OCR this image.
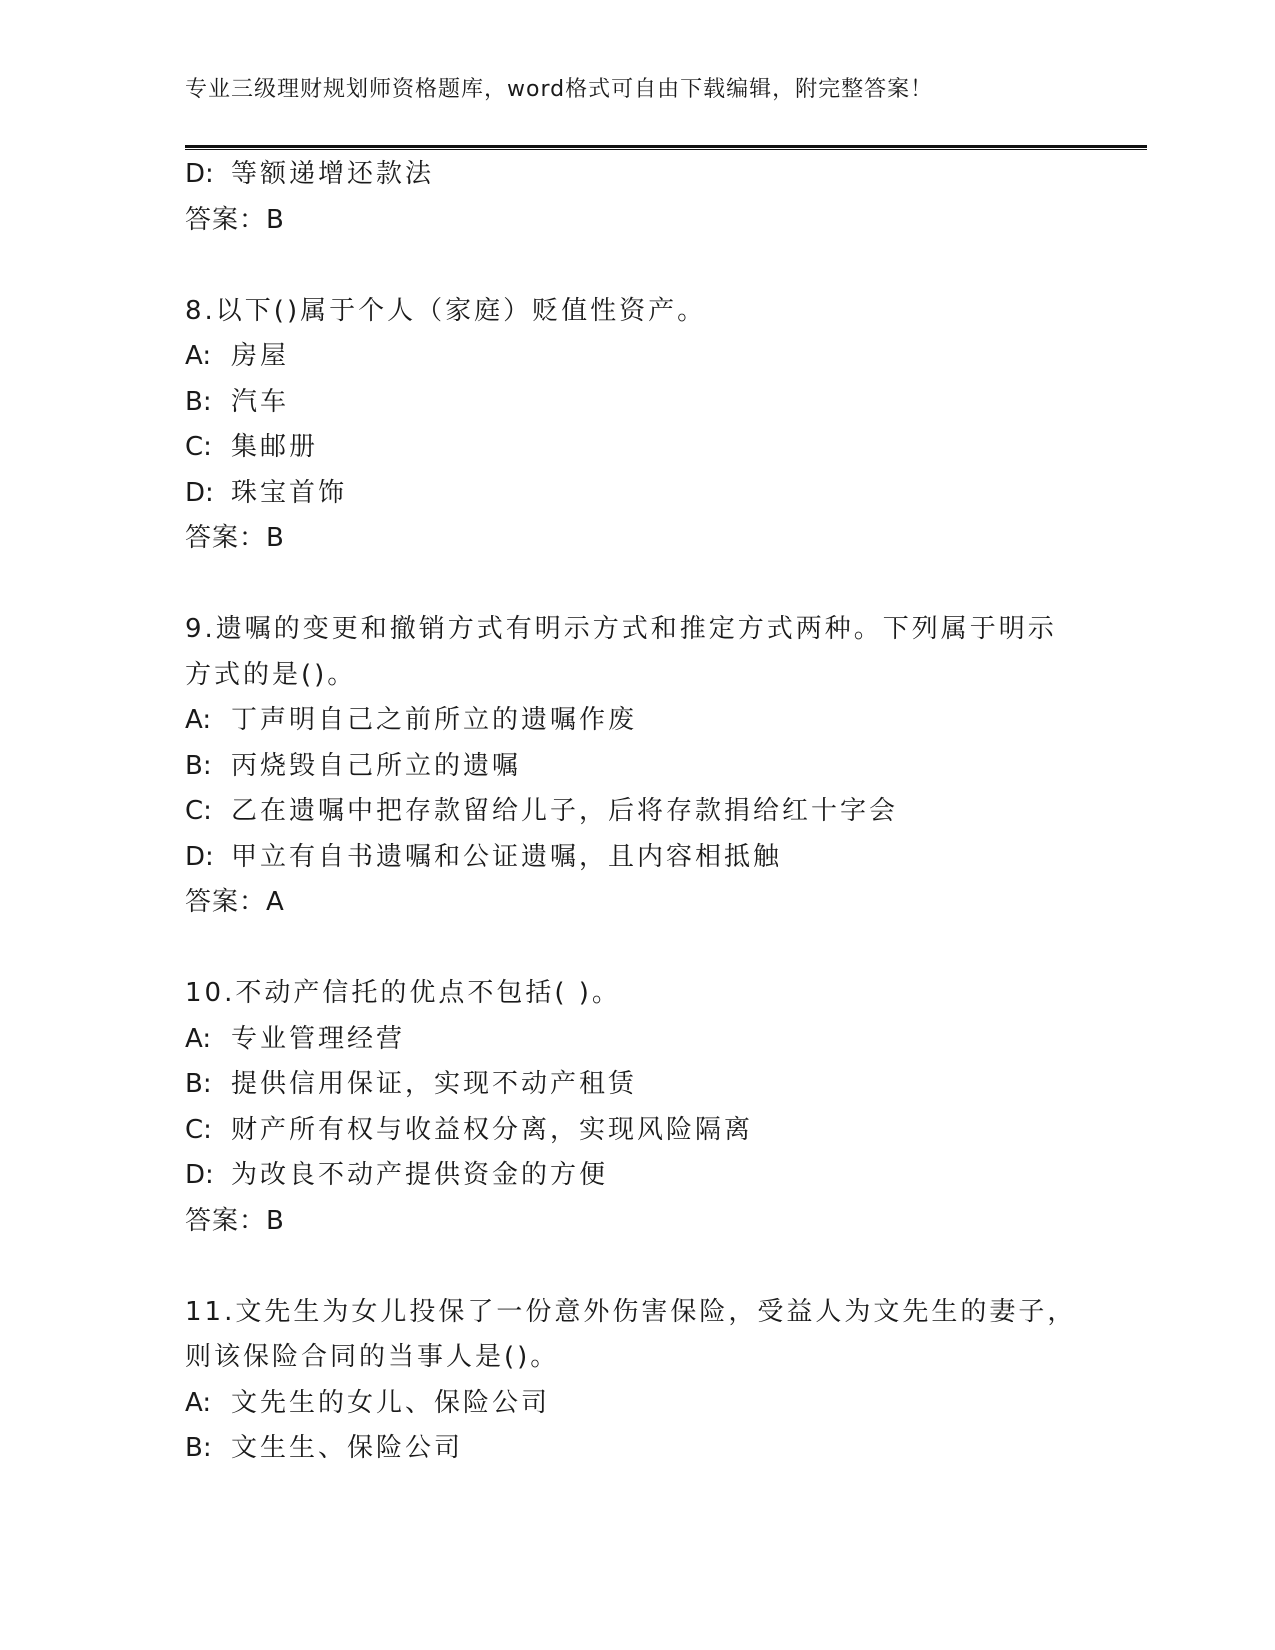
专业三级理财规划师资格题库，word格式可自由下载编辑，附完整答案！
D: 等额递增还款法
答案：B
8.以下()属于个人（家庭）贬值性资产。
A: 房屋
B: 汽车
C: 集邮册
D: 珠宝首饰
答案：B
9.遗嘱的变更和撤销方式有明示方式和推定方式两种。下列属于明示
方式的是()。
A: 丁声明自己之前所立的遗嘱作废
B: 丙烧毁自己所立的遗嘱
C: 乙在遗嘱中把存款留给儿子，后将存款捐给红十字会
D: 甲立有自书遗嘱和公证遗嘱，且内容相抵触
答案：A
10.不动产信托的优点不包括( )。
A: 专业管理经营
B: 提供信用保证，实现不动产租赁
C: 财产所有权与收益权分离，实现风险隔离
D: 为改良不动产提供资金的方便
答案：B
11.文先生为女儿投保了一份意外伤害保险，受益人为文先生的妻子，
则该保险合同的当事人是()。
A: 文先生的女儿、保险公司
B: 文生生、保险公司
